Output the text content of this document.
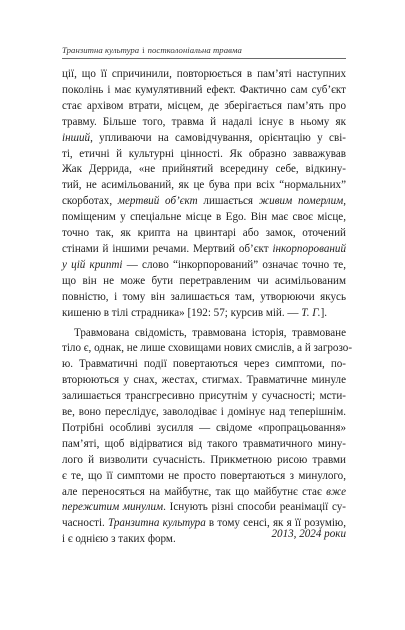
Транзитна культура і постколоніальна травма
ції, що її спричинили, повторюється в пам’яті наступних
поколінь і має кумулятивний ефект. Фактично сам суб’єкт
стає архівом втрати, місцем, де зберігається пам’ять про
травму. Більше того, травма й надалі існує в ньому як
інший, упливаючи на самовідчування, орієнтацію у сві-
ті, етичні й культурні цінності. Як образно завважував
Жак Деррида, «не прийнятий всередину себе, відкину-
тий, не асимільований, як це бува при всіх “нормальних”
скорботах, мертвий об’єкт лишається живим померлим,
поміщеним у спеціальне місце в Ego. Він має своє місце,
точно так, як крипта на цвинтарі або замок, оточений
стінами й іншими речами. Мертвий об’єкт інкорпорований
у цій крипті — слово “інкорпорований” означає точно те,
що він не може бути перетравленим чи асимільованим
повністю, і тому він залишається там, утворюючи якусь
кишеню в тілі страдника» [192: 57; курсив мій. — Т. Г.].
Травмована свідомість, травмована історія, травмоване
тіло є, однак, не лише сховищами нових смислів, а й загрозо-
ю. Травматичні події повертаються через симптоми, по-
вторюються у снах, жестах, стигмах. Травматичне минуле
залишається трансгресивно присутнім у сучасності; мсти-
ве, воно переслідує, заволодіває і домінує над теперішнім.
Потрібні особливі зусилля — свідоме «пропрацьовання»
пам’яті, щоб відірватися від такого травматичного мину-
лого й визволити сучасність. Прикметною рисою травми
є те, що її симптоми не просто повертаються з минулого,
але переносяться на майбутнє, так що майбутнє стає вже
пережитим минулим. Існують різні способи реанімації су-
часності. Транзитна культура в тому сенсі, як я її розумію,
і є однією з таких форм.	2013, 2024 роки
